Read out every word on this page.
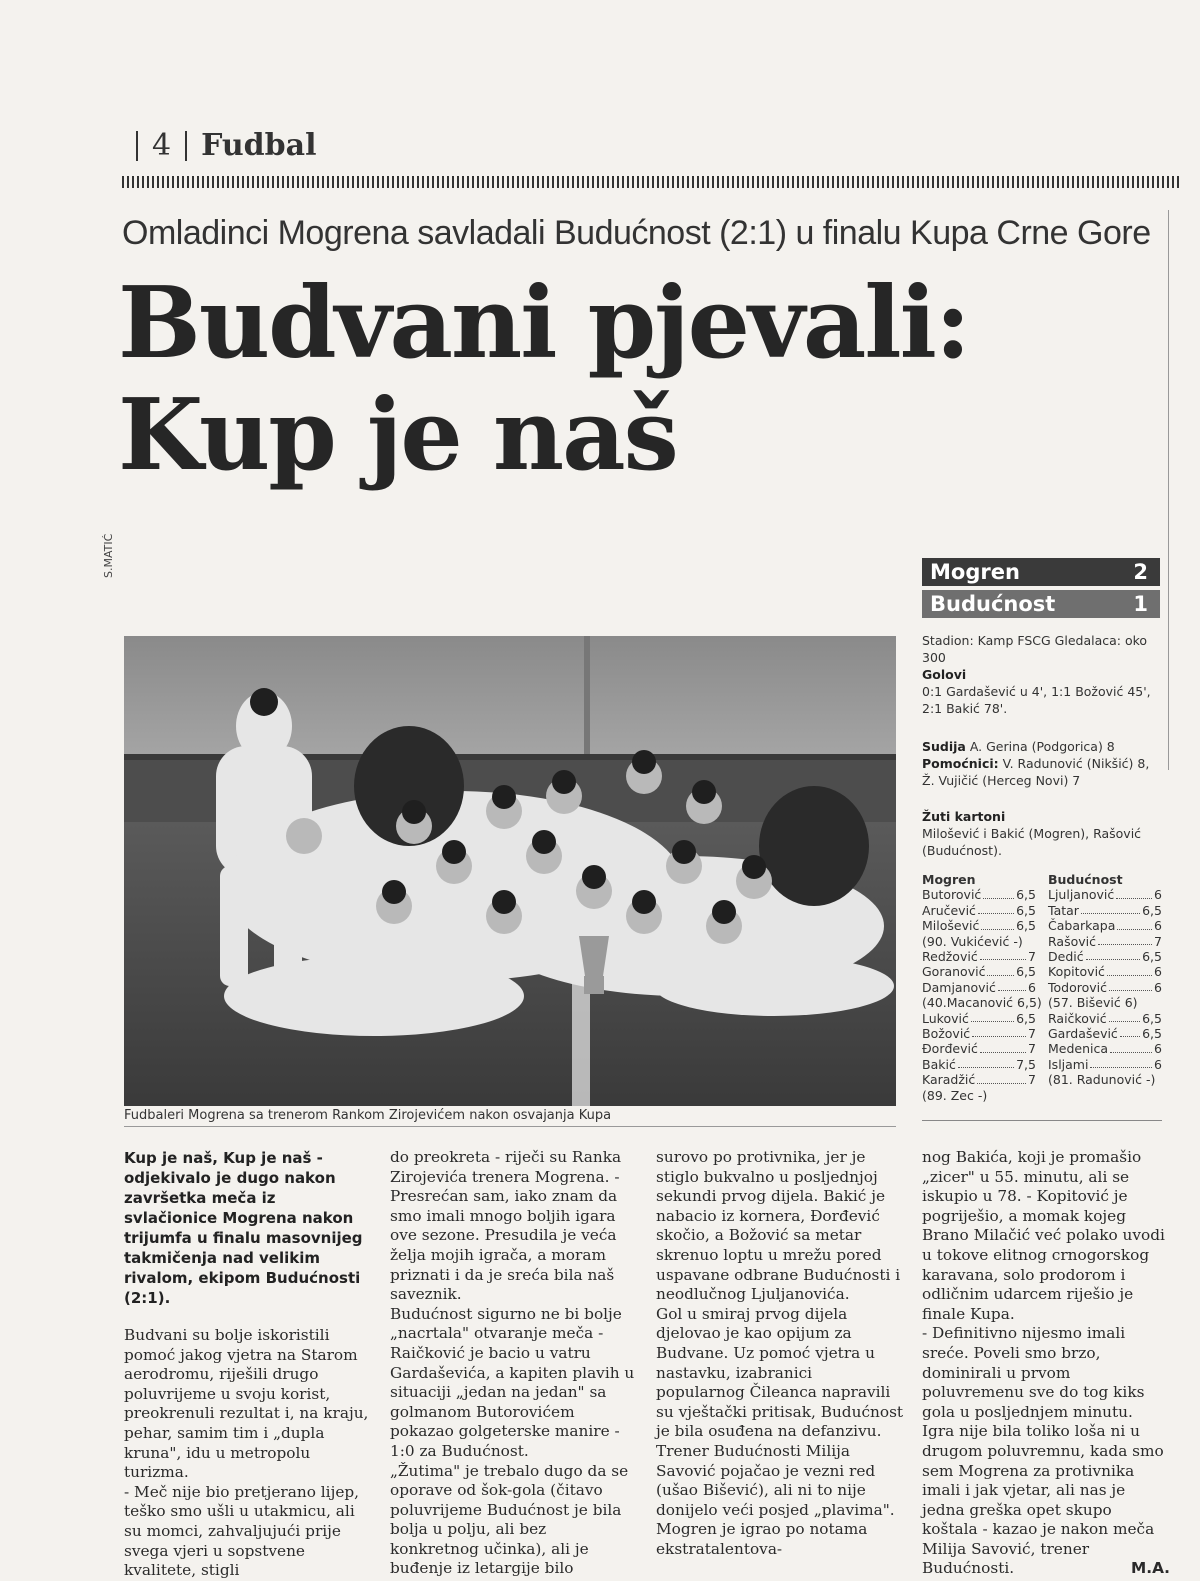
4 Fudbal
Omladinci Mogrena savladali Budućnost (2:1) u finalu Kupa Crne Gore
Budvani pjevali:
Kup je naš
S.MATIĆ
Fudbaleri Mogrena sa trenerom Rankom Zirojevićem nakon osvajanja Kupa
Mogren	2
Budućnost	1
Stadion: Kamp FSCG Gledalaca: oko 300
Golovi
0:1 Gardašević u 4', 1:1 Božović 45', 2:1 Bakić 78'.
Sudija A. Gerina (Podgorica) 8
Pomoćnici: V. Radunović (Nikšić) 8, Ž. Vujičić (Herceg Novi) 7
Žuti kartoni
Milošević i Bakić (Mogren), Rašović (Budućnost).
Mogren
Butorović	6,5
Aručević	6,5
Milošević	6,5
(90. Vukićević -)
Redžović	7
Goranović 6,5
Damjanović	6
(40.Macanović 6,5)
Luković	6,5
Božović	7
Đorđević	7
Bakić	7,5
Karadžić	7
(89. Zec -)
Budućnost
Ljuljanović	6
Tatar	6,5
Čabarkapa	6
Rašović	7
Dedić	6,5
Kopitović	6
Todorović	6
(57. Bišević 6)
Raičković	6,5
Gardašević 6,5
Medenica	6
Isljami	6
(81. Radunović -)

Kup je naš, Kup je naš - odjekivalo je dugo nakon završetka meča iz svlačionice Mogrena nakon trijumfa u finalu masovnijeg takmičenja nad velikim rivalom, ekipom Budućnosti (2:1).

Budvani su bolje iskoristili pomoć jakog vjetra na Starom aerodromu, riješili drugo poluvrijeme u svoju korist, preokrenuli rezultat i, na kraju, pehar, samim tim i „dupla kruna", idu u metropolu turizma.

- Meč nije bio pretjerano lijep, teško smo ušli u utakmicu, ali su momci, zahvaljujući prije svega vjeri u sopstvene kvalitete, stigli

do preokreta - riječi su Ranka Zirojevića trenera Mogrena. - Presrećan sam, iako znam da smo imali mnogo boljih igara ove sezone. Presudila je veća želja mojih igrača, a moram priznati i da je sreća bila naš saveznik.

Budućnost sigurno ne bi bolje „nacrtala" otvaranje meča - Raičković je bacio u vatru Gardaševića, a kapiten plavih u situaciji „jedan na jedan" sa golmanom Butorovićem pokazao golgeterske manire - 1:0 za Budućnost.

„Žutima" je trebalo dugo da se oporave od šok-gola (čitavo poluvrijeme Budućnost je bila bolja u polju, ali bez konkretnog učinka), ali je buđenje iz letargije bilo

surovo po protivnika, jer je stiglo bukvalno u posljednjoj sekundi prvog dijela. Bakić je nabacio iz kornera, Đorđević skočio, a Božović sa metar skrenuo loptu u mrežu pored uspavane odbrane Budućnosti i neodlučnog Ljuljanovića.

Gol u smiraj prvog dijela djelovao je kao opijum za Budvane. Uz pomoć vjetra u nastavku, izabranici popularnog Čileanca napravili su vještački pritisak, Budućnost je bila osuđena na defanzivu.

Trener Budućnosti Milija Savović pojačao je vezni red (ušao Bišević), ali ni to nije donijelo veći posjed „plavima". Mogren je igrao po notama ekstratalentova-

nog Bakića, koji je promašio „zicer" u 55. minutu, ali se iskupio u 78. - Kopitović je pogriješio, a momak kojeg Brano Milačić već polako uvodi u tokove elitnog crnogorskog karavana, solo prodorom i odličnim udarcem riješio je finale Kupa.

- Definitivno nijesmo imali sreće. Poveli smo brzo, dominirali u prvom poluvremenu sve do tog kiks gola u posljednjem minutu. Igra nije bila toliko loša ni u drugom poluvremnu, kada smo sem Mogrena za protivnika imali i jak vjetar, ali nas je jedna greška opet skupo koštala - kazao je nakon meča Milija Savović, trener Budućnosti.	M.A.
